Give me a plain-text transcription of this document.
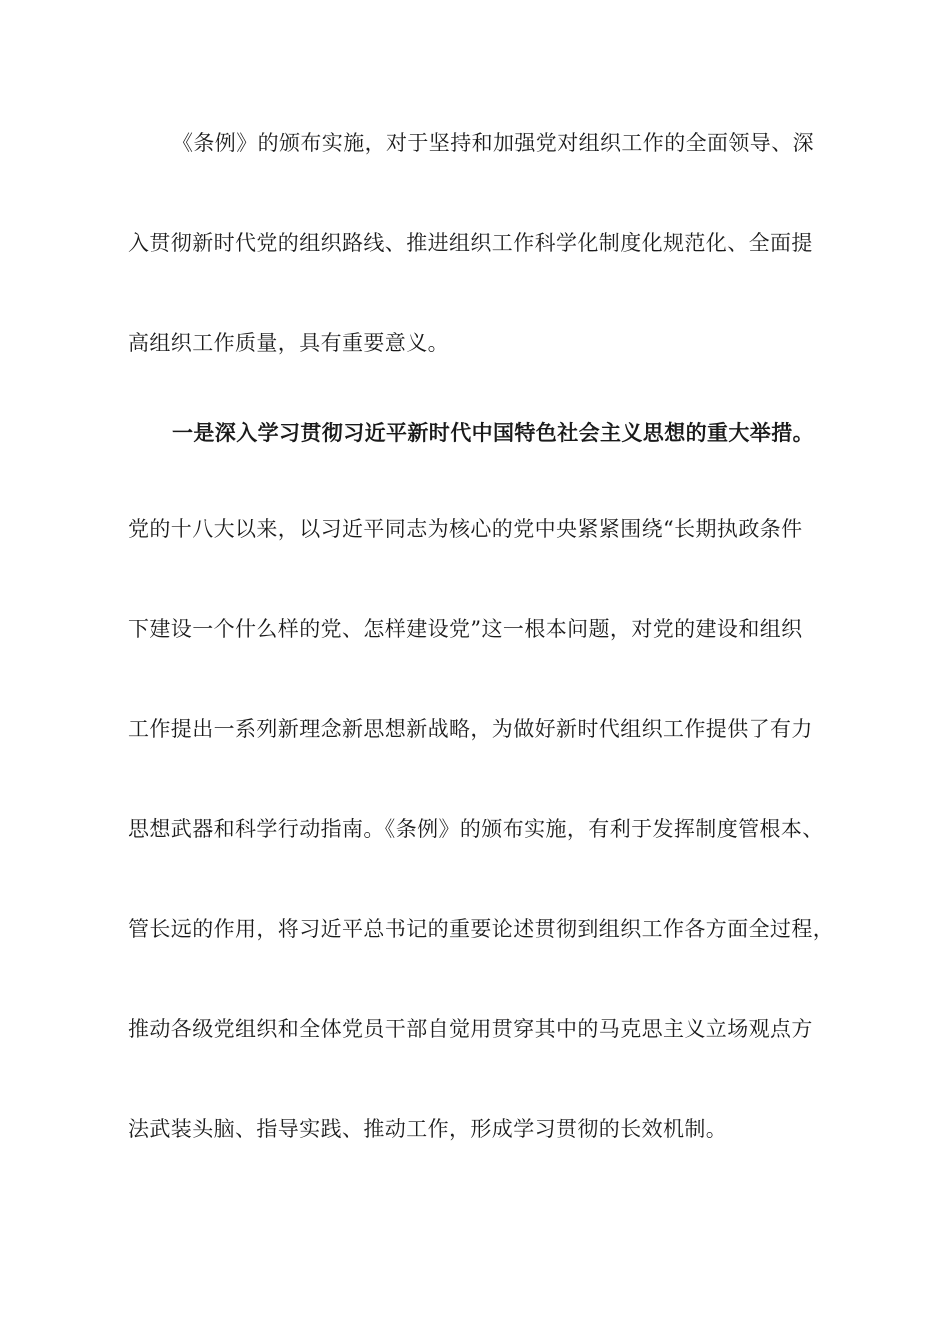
《条例》的颁布实施，对于坚持和加强党对组织工作的全面领导、深
入贯彻新时代党的组织路线、推进组织工作科学化制度化规范化、全面提
高组织工作质量，具有重要意义。
一是深入学习贯彻习近平新时代中国特色社会主义思想的重大举措。
党的十八大以来，以习近平同志为核心的党中央紧紧围绕“长期执政条件
下建设一个什么样的党、怎样建设党”这一根本问题，对党的建设和组织
工作提出一系列新理念新思想新战略，为做好新时代组织工作提供了有力
思想武器和科学行动指南。《条例》的颁布实施，有利于发挥制度管根本、
管长远的作用，将习近平总书记的重要论述贯彻到组织工作各方面全过程，
推动各级党组织和全体党员干部自觉用贯穿其中的马克思主义立场观点方
法武装头脑、指导实践、推动工作，形成学习贯彻的长效机制。
